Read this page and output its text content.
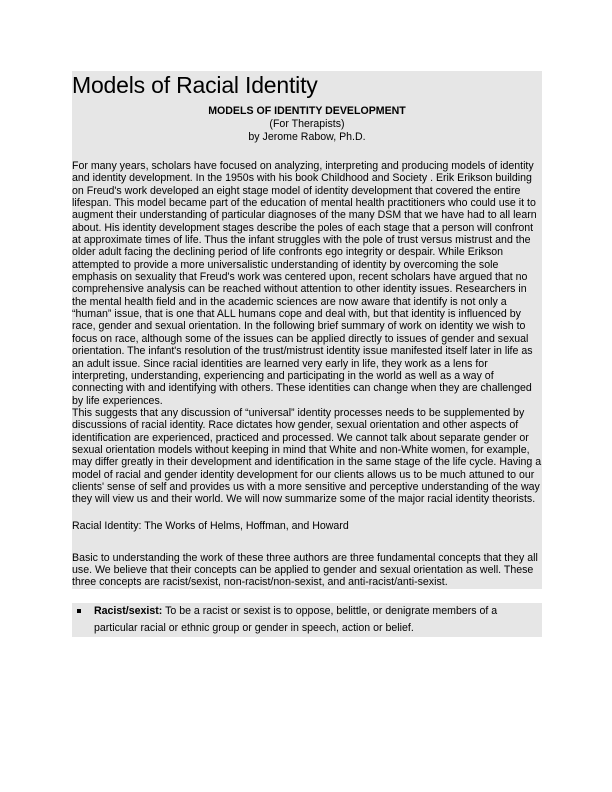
Models of Racial Identity
MODELS OF IDENTITY DEVELOPMENT
(For Therapists)
by Jerome Rabow, Ph.D.

For many years, scholars have focused on analyzing, interpreting and producing models of identity and identity development. In the 1950s with his book Childhood and Society . Erik Erikson building on Freud's work developed an eight stage model of identity development that covered the entire lifespan. This model became part of the education of mental health practitioners who could use it to augment their understanding of particular diagnoses of the many DSM that we have had to all learn about. His identity development stages describe the poles of each stage that a person will confront at approximate times of life. Thus the infant struggles with the pole of trust versus mistrust and the older adult facing the declining period of life confronts ego integrity or despair. While Erikson attempted to provide a more universalistic understanding of identity by overcoming the sole emphasis on sexuality that Freud's work was centered upon, recent scholars have argued that no comprehensive analysis can be reached without attention to other identity issues. Researchers in the mental health field and in the academic sciences are now aware that identify is not only a “human” issue, that is one that ALL humans cope and deal with, but that identity is influenced by race, gender and sexual orientation. In the following brief summary of work on identity we wish to focus on race, although some of the issues can be applied directly to issues of gender and sexual orientation. The infant's resolution of the trust/mistrust identity issue manifested itself later in life as an adult issue. Since racial identities are learned very early in life, they work as a lens for interpreting, understanding, experiencing and participating in the world as well as a way of connecting with and identifying with others. These identities can change when they are challenged by life experiences.

This suggests that any discussion of “universal” identity processes needs to be supplemented by discussions of racial identity. Race dictates how gender, sexual orientation and other aspects of identification are experienced, practiced and processed. We cannot talk about separate gender or sexual orientation models without keeping in mind that White and non-White women, for example, may differ greatly in their development and identification in the same stage of the life cycle. Having a model of racial and gender identity development for our clients allows us to be much attuned to our clients' sense of self and provides us with a more sensitive and perceptive understanding of the way they will view us and their world. We will now summarize some of the major racial identity theorists.

Racial Identity: The Works of Helms, Hoffman, and Howard

Basic to understanding the work of these three authors are three fundamental concepts that they all use. We believe that their concepts can be applied to gender and sexual orientation as well. These three concepts are racist/sexist, non-racist/non-sexist, and anti-racist/anti-sexist.

Racist/sexist: To be a racist or sexist is to oppose, belittle, or denigrate members of a particular racial or ethnic group or gender in speech, action or belief.
